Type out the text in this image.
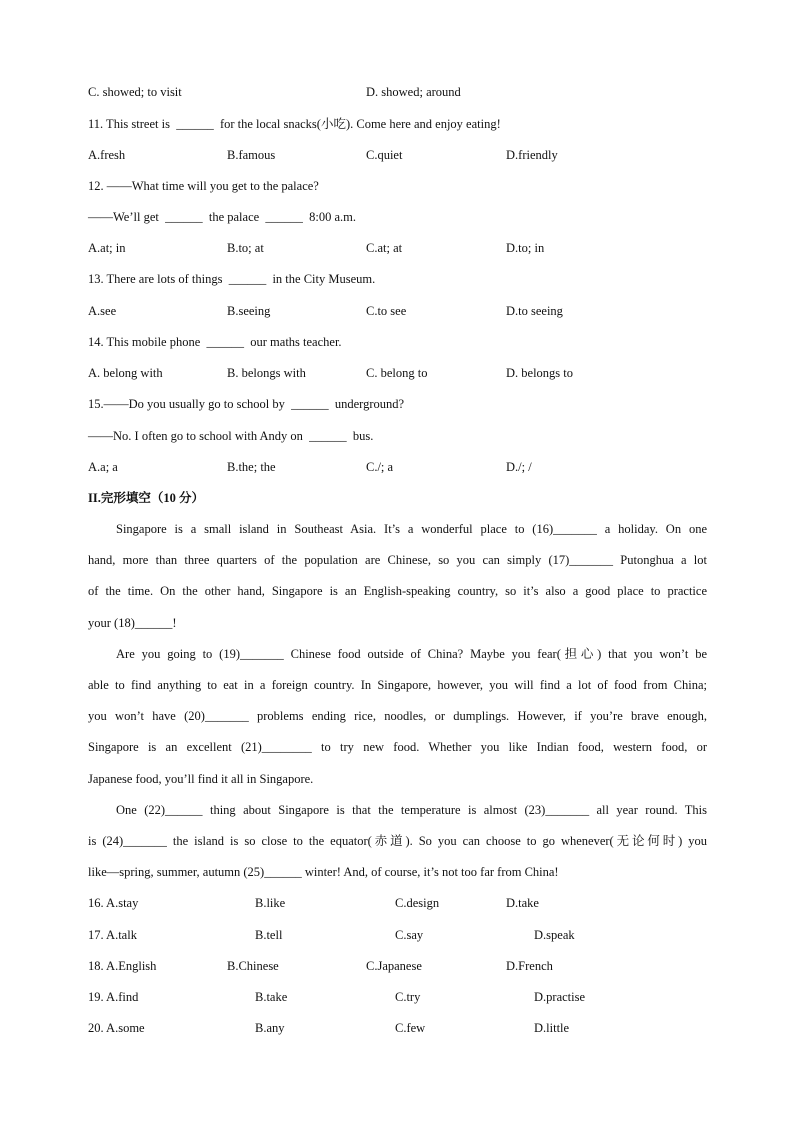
C. showed; to visit	D. showed; around
11. This street is  ______  for the local snacks(小吃). Come here and enjoy eating!
A.fresh	B.famous	C.quiet	D.friendly
12. ——What time will you get to the palace?
——We’ll get  ______  the palace  ______  8:00 a.m.
A.at; in	B.to; at	C.at; at	D.to; in
13. There are lots of things  ______  in the City Museum.
A.see	B.seeing	C.to see	D.to seeing
14. This mobile phone  ______  our maths teacher.
A. belong with	B. belongs with	C. belong to	D. belongs to
15.——Do you usually go to school by  ______  underground?
——No. I often go to school with Andy on  ______  bus.
A.a; a	B.the; the	C./; a	D./; /
II.完形填空（10 分）
Singapore is a small island in Southeast Asia. It’s a wonderful place to (16)_______ a holiday. On one
hand, more than three quarters of the population are Chinese, so you can simply (17)_______ Putonghua a lot
of the time. On the other hand, Singapore is an English-speaking country, so it’s also a good place to practice
your (18)______!
Are you going to (19)_______ Chinese food outside of China? Maybe you fear(担心) that you won’t be
able to find anything to eat in a foreign country. In Singapore, however, you will find a lot of food from China;
you won’t have (20)_______ problems ending rice, noodles, or dumplings. However, if you’re brave enough,
Singapore is an excellent (21)________ to try new food. Whether you like Indian food, western food, or
Japanese food, you’ll find it all in Singapore.
One (22)______ thing about Singapore is that the temperature is almost (23)_______ all year round. This
is (24)_______ the island is so close to the equator(赤道). So you can choose to go whenever(无论何时) you
like—spring, summer, autumn (25)______ winter! And, of course, it’s not too far from China!
16. A.stay	B.like	C.design	D.take
17. A.talk	B.tell	C.say	D.speak
18. A.English	B.Chinese	C.Japanese	D.French
19. A.find	B.take	C.try	D.practise
20. A.some	B.any	C.few	D.little
